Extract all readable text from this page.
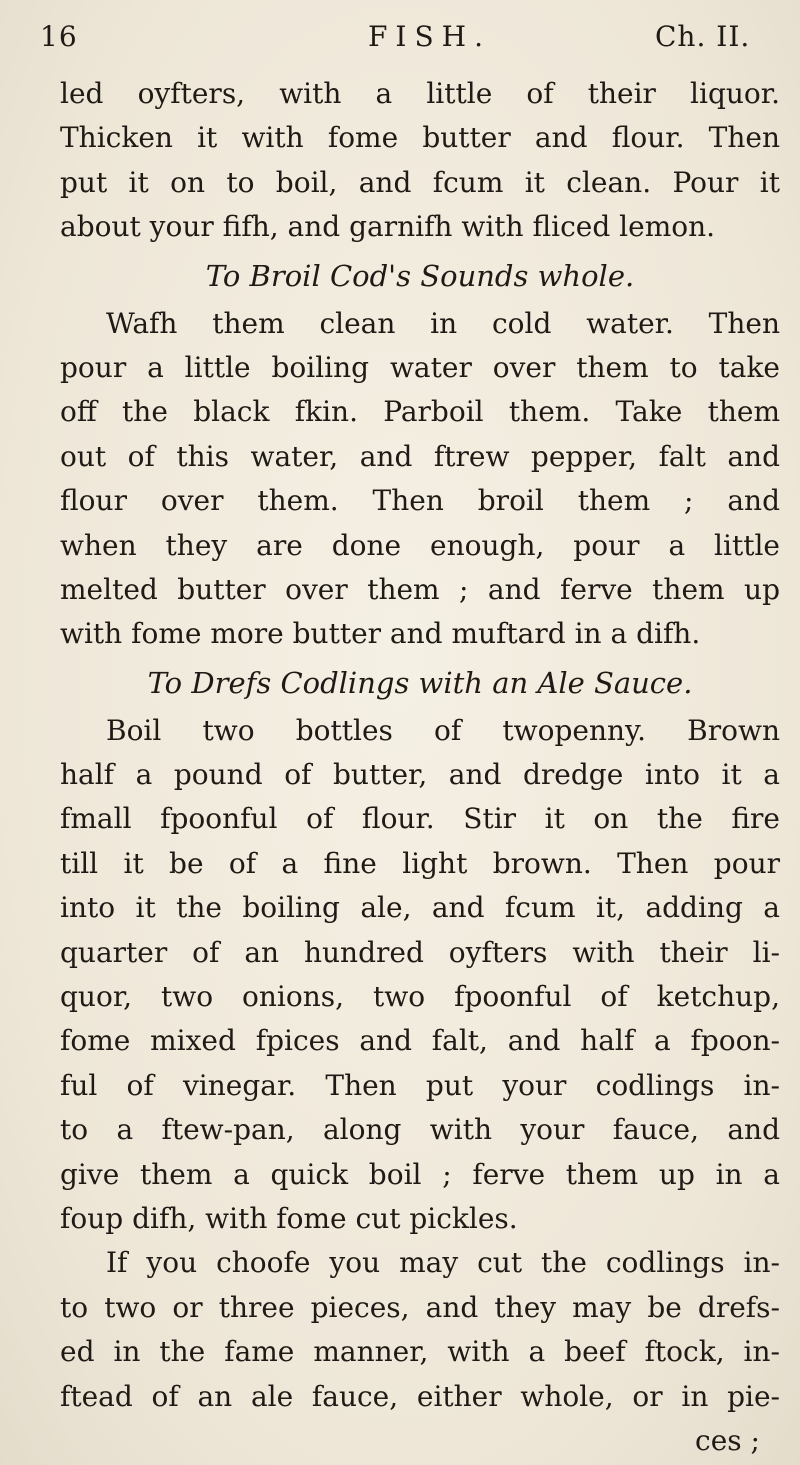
16	FISH.	Ch. II.
led oyfters, with a little of their liquor.
Thicken it with fome butter and flour. Then
put it on to boil, and fcum it clean. Pour it
about your fifh, and garnifh with fliced lemon.
To Broil Cod's Sounds whole.
Wafh them clean in cold water. Then
pour a little boiling water over them to take
off the black fkin. Parboil them. Take them
out of this water, and ftrew pepper, falt and
flour over them. Then broil them ; and
when they are done enough, pour a little
melted butter over them ; and ferve them up
with fome more butter and muftard in a difh.
To Drefs Codlings with an Ale Sauce.
Boil two bottles of twopenny. Brown
half a pound of butter, and dredge into it a
fmall fpoonful of flour. Stir it on the fire
till it be of a fine light brown. Then pour
into it the boiling ale, and fcum it, adding a
quarter of an hundred oyfters with their li-
quor, two onions, two fpoonful of ketchup,
fome mixed fpices and falt, and half a fpoon-
ful of vinegar. Then put your codlings in-
to a ftew-pan, along with your fauce, and
give them a quick boil ; ferve them up in a
foup difh, with fome cut pickles.
If you choofe you may cut the codlings in-
to two or three pieces, and they may be drefs-
ed in the fame manner, with a beef ftock, in-
ftead of an ale fauce, either whole, or in pie-
ces ;
